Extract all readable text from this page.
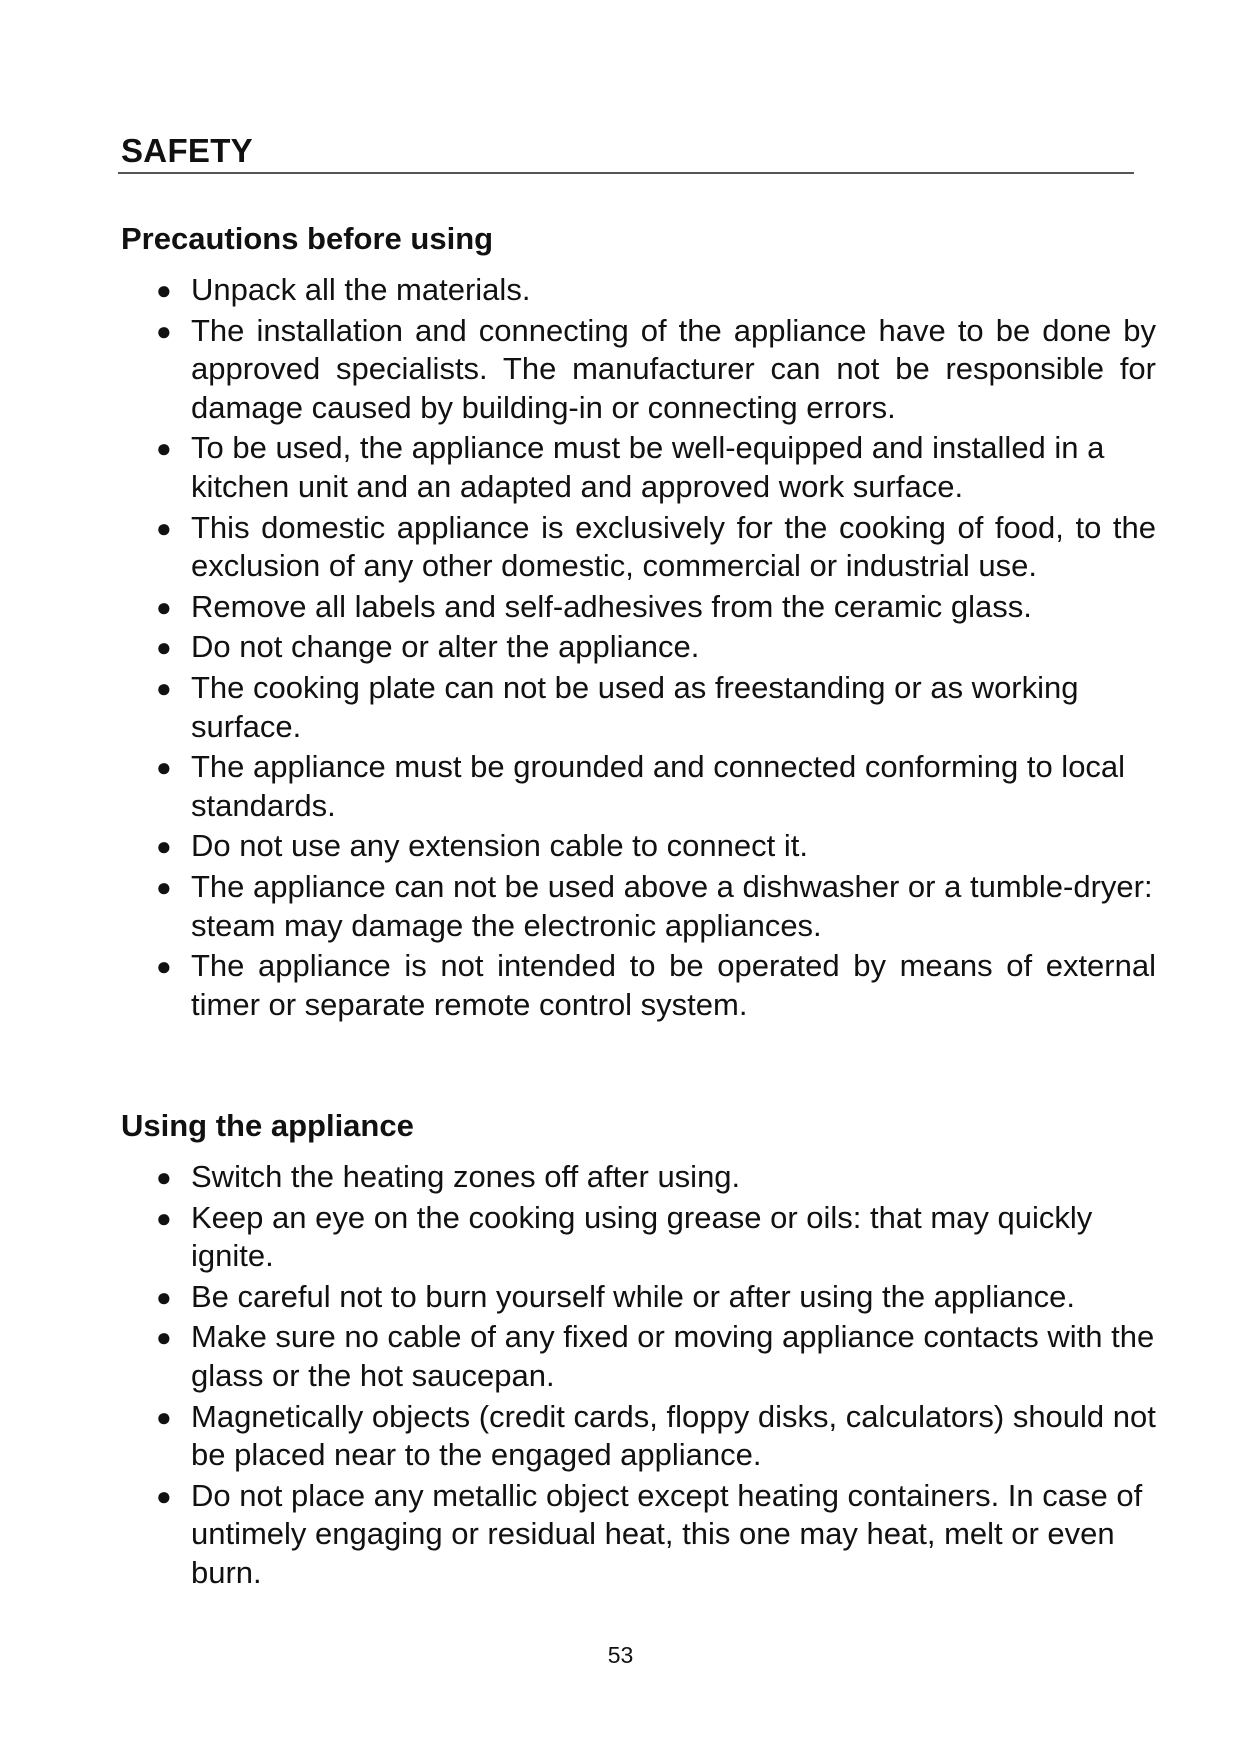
SAFETY
Precautions before using
● Unpack all the materials.
● The installation and connecting of the appliance have to be done by approved specialists. The manufacturer can not be responsible for damage caused by building-in or connecting errors.
● To be used, the appliance must be well-equipped and installed in a kitchen unit and an adapted and approved work surface.
● This domestic appliance is exclusively for the cooking of food, to the exclusion of any other domestic, commercial or industrial use.
● Remove all labels and self-adhesives from the ceramic glass.
● Do not change or alter the appliance.
● The cooking plate can not be used as freestanding or as working surface.
● The appliance must be grounded and connected conforming to local standards.
● Do not use any extension cable to connect it.
● The appliance can not be used above a dishwasher or a tumble-dryer: steam may damage the electronic appliances.
● The appliance is not intended to be operated by means of external timer or separate remote control system.
Using the appliance
● Switch the heating zones off after using.
● Keep an eye on the cooking using grease or oils: that may quickly ignite.
● Be careful not to burn yourself while or after using the appliance.
● Make sure no cable of any fixed or moving appliance contacts with the glass or the hot saucepan.
● Magnetically objects (credit cards, floppy disks, calculators) should not be placed near to the engaged appliance.
● Do not place any metallic object except heating containers. In case of untimely engaging or residual heat, this one may heat, melt or even burn.

53
